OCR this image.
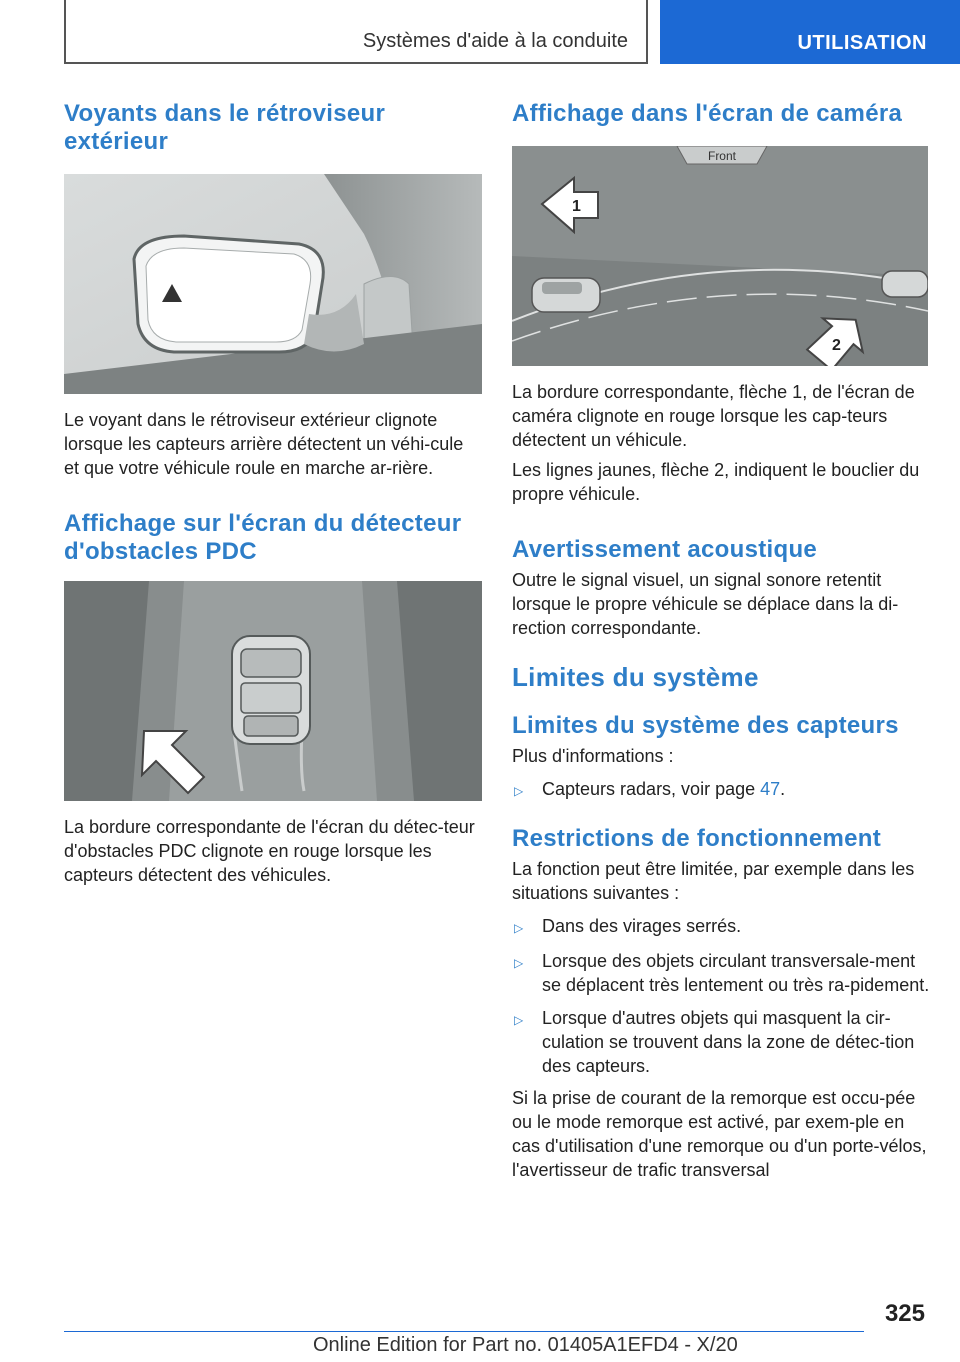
Systèmes d'aide à la conduite	UTILISATION
Voyants dans le rétroviseur extérieur

Le voyant dans le rétroviseur extérieur clignote lorsque les capteurs arrière détectent un véhi-cule et que votre véhicule roule en marche ar-rière.

Affichage sur l'écran du détecteur d'obstacles PDC

La bordure correspondante de l'écran du détec-teur d'obstacles PDC clignote en rouge lorsque les capteurs détectent des véhicules.

Affichage dans l'écran de caméra
Front
1
2

La bordure correspondante, flèche 1, de l'écran de caméra clignote en rouge lorsque les cap-teurs détectent un véhicule.

Les lignes jaunes, flèche 2, indiquent le bouclier du propre véhicule.

Avertissement acoustique

Outre le signal visuel, un signal sonore retentit lorsque le propre véhicule se déplace dans la di-rection correspondante.

Limites du système
Limites du système des capteurs

Plus d'informations :

▷	Capteurs radars, voir page 47.
Restrictions de fonctionnement

La fonction peut être limitée, par exemple dans les situations suivantes :

▷	Dans des virages serrés.
▷	Lorsque des objets circulant transversale-ment se déplacent très lentement ou très ra-pidement.
▷	Lorsque d'autres objets qui masquent la cir-culation se trouvent dans la zone de détec-tion des capteurs.

Si la prise de courant de la remorque est occu-pée ou le mode remorque est activé, par exem-ple en cas d'utilisation d'une remorque ou d'un porte-vélos, l'avertisseur de trafic transversal

325
Online Edition for Part no. 01405A1EFD4 - X/20
